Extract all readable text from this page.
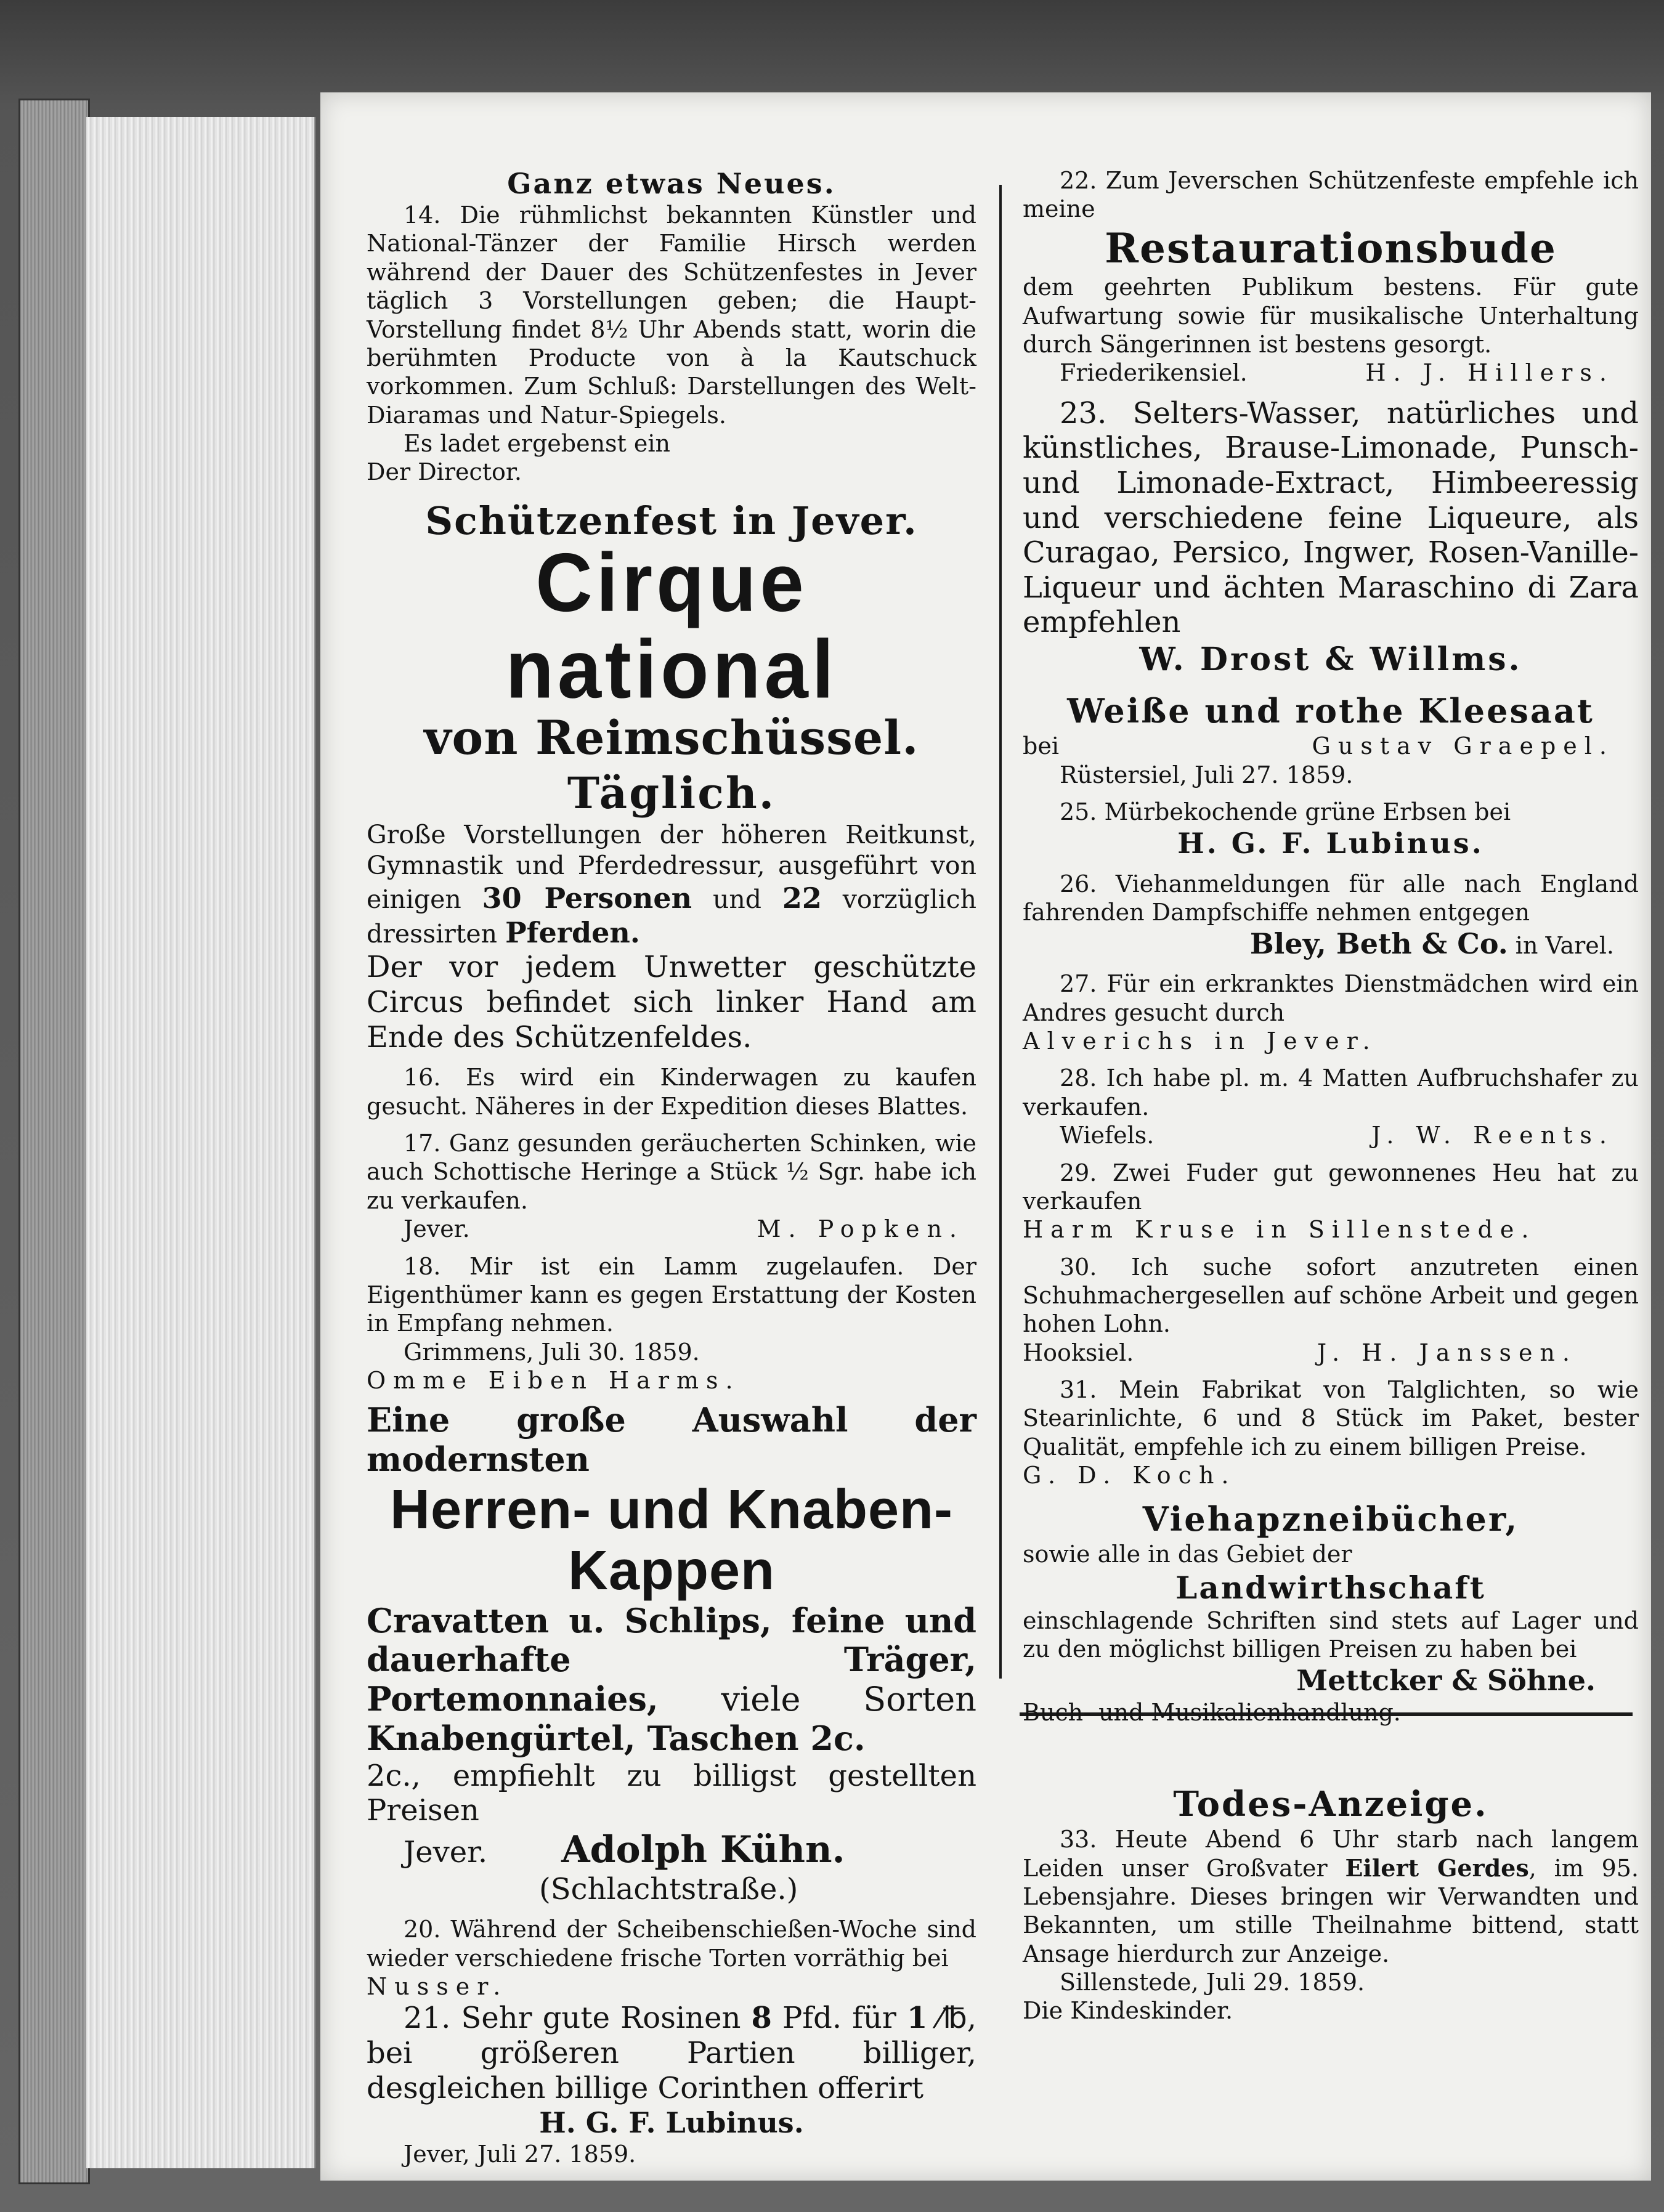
Ganz etwas Neues.

14. Die rühmlichst bekannten Künstler und National-Tänzer der Familie Hirsch werden während der Dauer des Schützenfestes in Jever täglich 3 Vorstellungen geben; die Haupt-Vorstellung findet 8½ Uhr Abends statt, worin die berühmten Producte von à la Kautschuck vorkommen. Zum Schluß: Darstellungen des Welt-Diaramas und Natur-Spiegels.

Es ladet ergebenst ein

Der Director.

Schützenfest in Jever.

Cirque national

von Reimschüssel.

Täglich.

Große Vorstellungen der höheren Reitkunst, Gymnastik und Pferdedressur, ausgeführt von einigen 30 Personen und 22 vorzüglich dressirten Pferden.

Der vor jedem Unwetter geschützte Circus befindet sich linker Hand am Ende des Schützenfeldes.

16. Es wird ein Kinderwagen zu kaufen gesucht. Näheres in der Expedition dieses Blattes.

17. Ganz gesunden geräucherten Schinken, wie auch Schottische Heringe a Stück ½ Sgr. habe ich zu verkaufen.

Jever.	M. Popken.

18. Mir ist ein Lamm zugelaufen. Der Eigenthümer kann es gegen Erstattung der Kosten in Empfang nehmen.

Grimmens, Juli 30. 1859.

Omme Eiben Harms.

Eine große Auswahl der modernsten

Herren- und Knaben-Kappen

Cravatten u. Schlips, feine und dauerhafte Träger, Portemonnaies, viele Sorten Knabengürtel, Taschen 2c.

2c., empfiehlt zu billigst gestellten Preisen

Jever. Adolph Kühn.

(Schlachtstraße.)

20. Während der Scheibenschießen-Woche sind wieder verschiedene frische Torten vorräthig bei

Nusser.

21. Sehr gute Rosinen 8 Pfd. für 1 ⁄℔, bei größeren Partien billiger, desgleichen billige Corinthen offerirt

H. G. F. Lubinus.

Jever, Juli 27. 1859.

22. Zum Jeverschen Schützenfeste empfehle ich meine

Restaurationsbude

dem geehrten Publikum bestens. Für gute Aufwartung sowie für musikalische Unterhaltung durch Sängerinnen ist bestens gesorgt.

Friederikensiel.	H. J. Hillers.

23. Selters-Wasser, natürliches und künstliches, Brause-Limonade, Punsch- und Limonade-Extract, Himbeeressig und verschiedene feine Liqueure, als Curagao, Persico, Ingwer, Rosen-Vanille-Liqueur und ächten Maraschino di Zara empfehlen

W. Drost & Willms.

Weiße und rothe Kleesaat

bei	Gustav Graepel.

Rüstersiel, Juli 27. 1859.

25. Mürbekochende grüne Erbsen bei

H. G. F. Lubinus.

26. Viehanmeldungen für alle nach England fahrenden Dampfschiffe nehmen entgegen

Bley, Beth & Co. in Varel.

27. Für ein erkranktes Dienstmädchen wird ein Andres gesucht durch

Alverichs in Jever.

28. Ich habe pl. m. 4 Matten Aufbruchshafer zu verkaufen.

Wiefels.	J. W. Reents.

29. Zwei Fuder gut gewonnenes Heu hat zu verkaufen

Harm Kruse in Sillenstede.

30. Ich suche sofort anzutreten einen Schuhmachergesellen auf schöne Arbeit und gegen hohen Lohn.

Hooksiel.	J. H. Janssen.

31. Mein Fabrikat von Talglichten, so wie Stearinlichte, 6 und 8 Stück im Paket, bester Qualität, empfehle ich zu einem billigen Preise.

G. D. Koch.

Viehарzneibücher,

sowie alle in das Gebiet der

Landwirthschaft

einschlagende Schriften sind stets auf Lager und zu den möglichst billigen Preisen zu haben bei

Mettcker & Söhne.

Buch- und Musikalienhandlung.

Todes-Anzeige.

33. Heute Abend 6 Uhr starb nach langem Leiden unser Großvater Eilert Gerdes, im 95. Lebensjahre. Dieses bringen wir Verwandten und Bekannten, um stille Theilnahme bittend, statt Ansage hierdurch zur Anzeige.

Sillenstede, Juli 29. 1859.

Die Kindeskinder.
